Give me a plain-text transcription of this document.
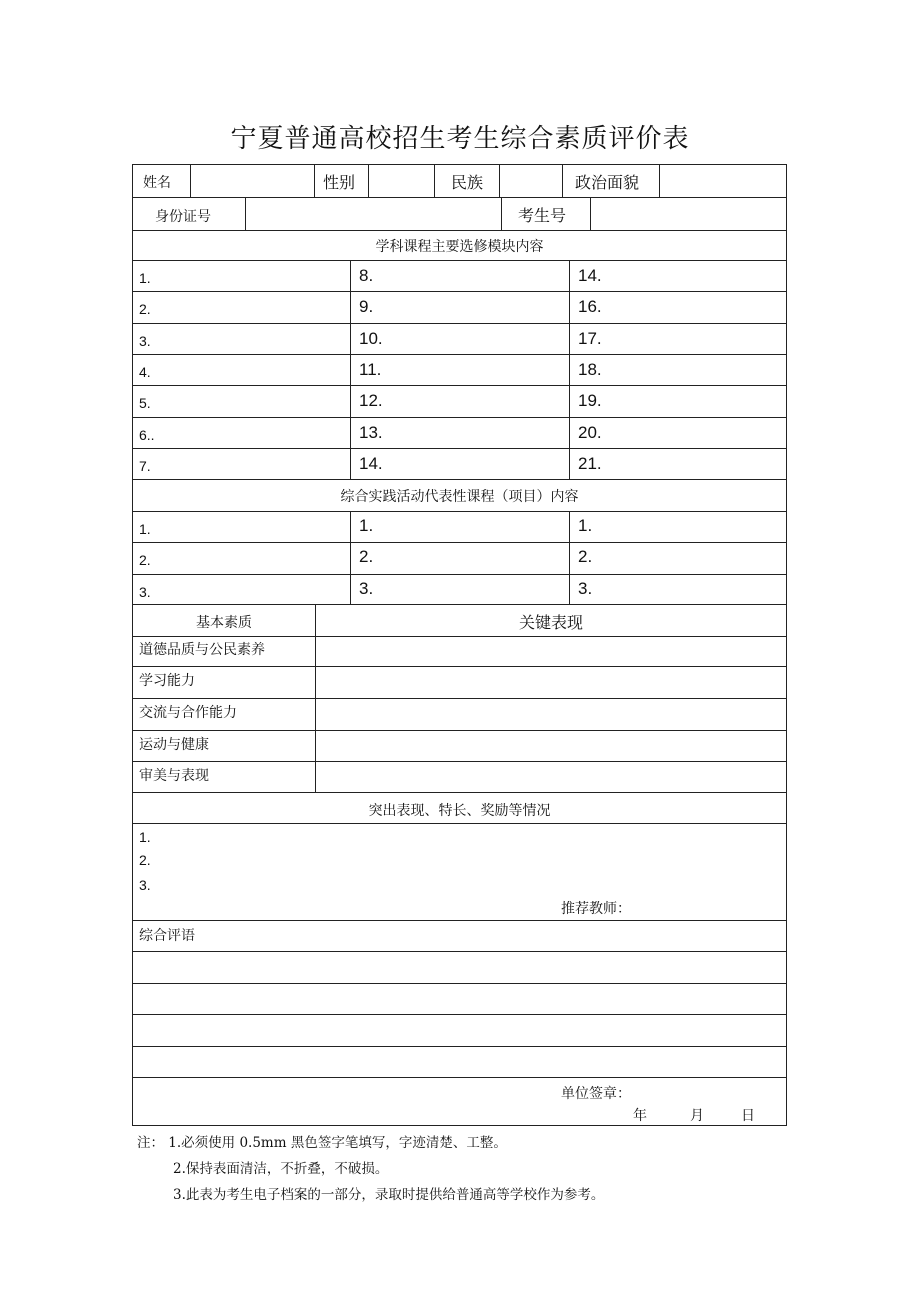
宁夏普通高校招生考生综合素质评价表
姓名	性别	民族	政治面貌
身份证号	考生号
学科课程主要选修模块内容
1.	8.	14.
2.	9.	16.
3.	10.	17.
4.	11.	18.
5.	12.	19.
6..	13.	20.
7.	14.	21.
综合实践活动代表性课程（项目）内容
1.	1.	1.
2.	2.	2.
3.	3.	3.
基本素质	关键表现
道德品质与公民素养
学习能力
交流与合作能力
运动与健康
审美与表现
突出表现、特长、奖励等情况
1.
2.
3.
推荐教师：
综合评语
单位签章：
年	月	日
注： 1.必须使用 0.5mm 黑色签字笔填写，字迹清楚、工整。
2.保持表面清洁，不折叠，不破损。
3.此表为考生电子档案的一部分，录取时提供给普通高等学校作为参考。
